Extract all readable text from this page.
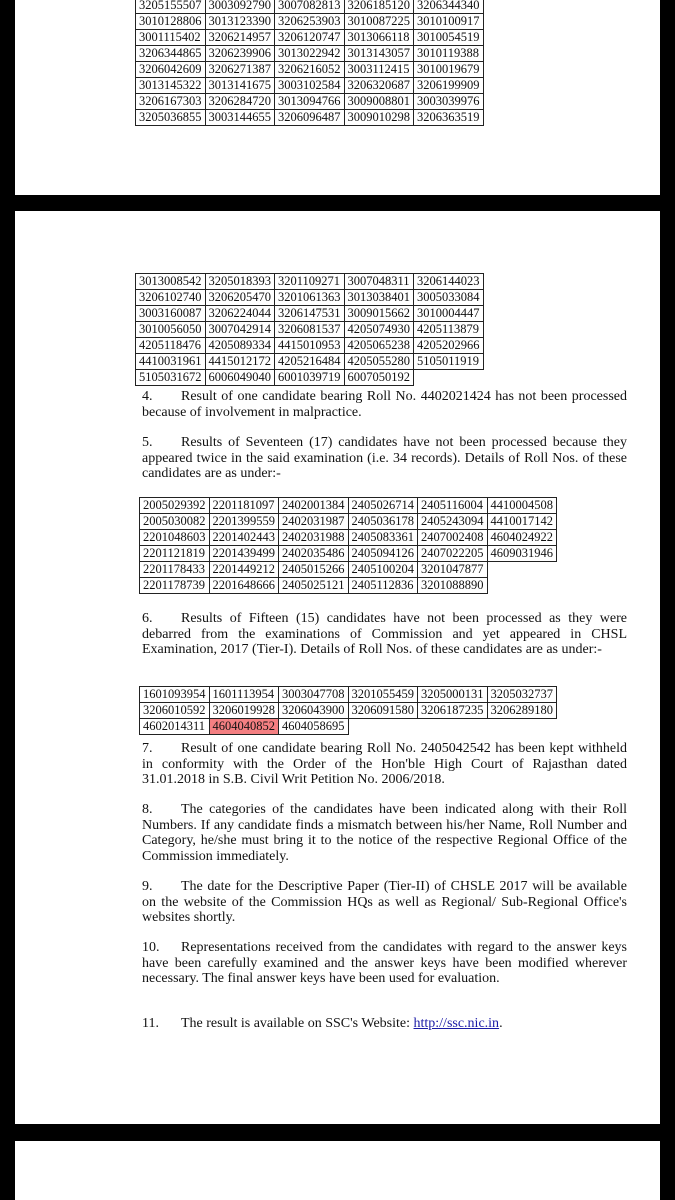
3205155507	3003092790	3007082813	3206185120	3206344340
3010128806	3013123390	3206253903	3010087225	3010100917
3001115402	3206214957	3206120747	3013066118	3010054519
3206344865	3206239906	3013022942	3013143057	3010119388
3206042609	3206271387	3206216052	3003112415	3010019679
3013145322	3013141675	3003102584	3206320687	3206199909
3206167303	3206284720	3013094766	3009008801	3003039976
3205036855	3003144655	3206096487	3009010298	3206363519
3013008542	3205018393	3201109271	3007048311	3206144023
3206102740	3206205470	3201061363	3013038401	3005033084
3003160087	3206224044	3206147531	3009015662	3010004447
3010056050	3007042914	3206081537	4205074930	4205113879
4205118476	4205089334	4415010953	4205065238	4205202966
4410031961	4415012172	4205216484	4205055280	5105011919
5105031672	6006049040	6001039719	6007050192	

4. Result of one candidate bearing Roll No. 4402021424 has not been processed because of involvement in malpractice.

5. Results of Seventeen (17) candidates have not been processed because they appeared twice in the said examination (i.e. 34 records). Details of Roll Nos. of these candidates are as under:-

2005029392	2201181097	2402001384	2405026714	2405116004	4410004508
2005030082	2201399559	2402031987	2405036178	2405243094	4410017142
2201048603	2201402443	2402031988	2405083361	2407002408	4604024922
2201121819	2201439499	2402035486	2405094126	2407022205	4609031946
2201178433	2201449212	2405015266	2405100204	3201047877	
2201178739	2201648666	2405025121	2405112836	3201088890	

6. Results of Fifteen (15) candidates have not been processed as they were debarred from the examinations of Commission and yet appeared in CHSL Examination, 2017 (Tier-I). Details of Roll Nos. of these candidates are as under:-

1601093954	1601113954	3003047708	3201055459	3205000131	3205032737
3206010592	3206019928	3206043900	3206091580	3206187235	3206289180
4602014311	4604040852	4604058695			

7. Result of one candidate bearing Roll No. 2405042542 has been kept withheld in conformity with the Order of the Hon'ble High Court of Rajasthan dated 31.01.2018 in S.B. Civil Writ Petition No. 2006/2018.

8. The categories of the candidates have been indicated along with their Roll Numbers. If any candidate finds a mismatch between his/her Name, Roll Number and Category, he/she must bring it to the notice of the respective Regional Office of the Commission immediately.

9. The date for the Descriptive Paper (Tier-II) of CHSLE 2017 will be available on the website of the Commission HQs as well as Regional/ Sub-Regional Office's websites shortly.

10. Representations received from the candidates with regard to the answer keys have been carefully examined and the answer keys have been modified wherever necessary. The final answer keys have been used for evaluation.

11. The result is available on SSC's Website: http://ssc.nic.in.
